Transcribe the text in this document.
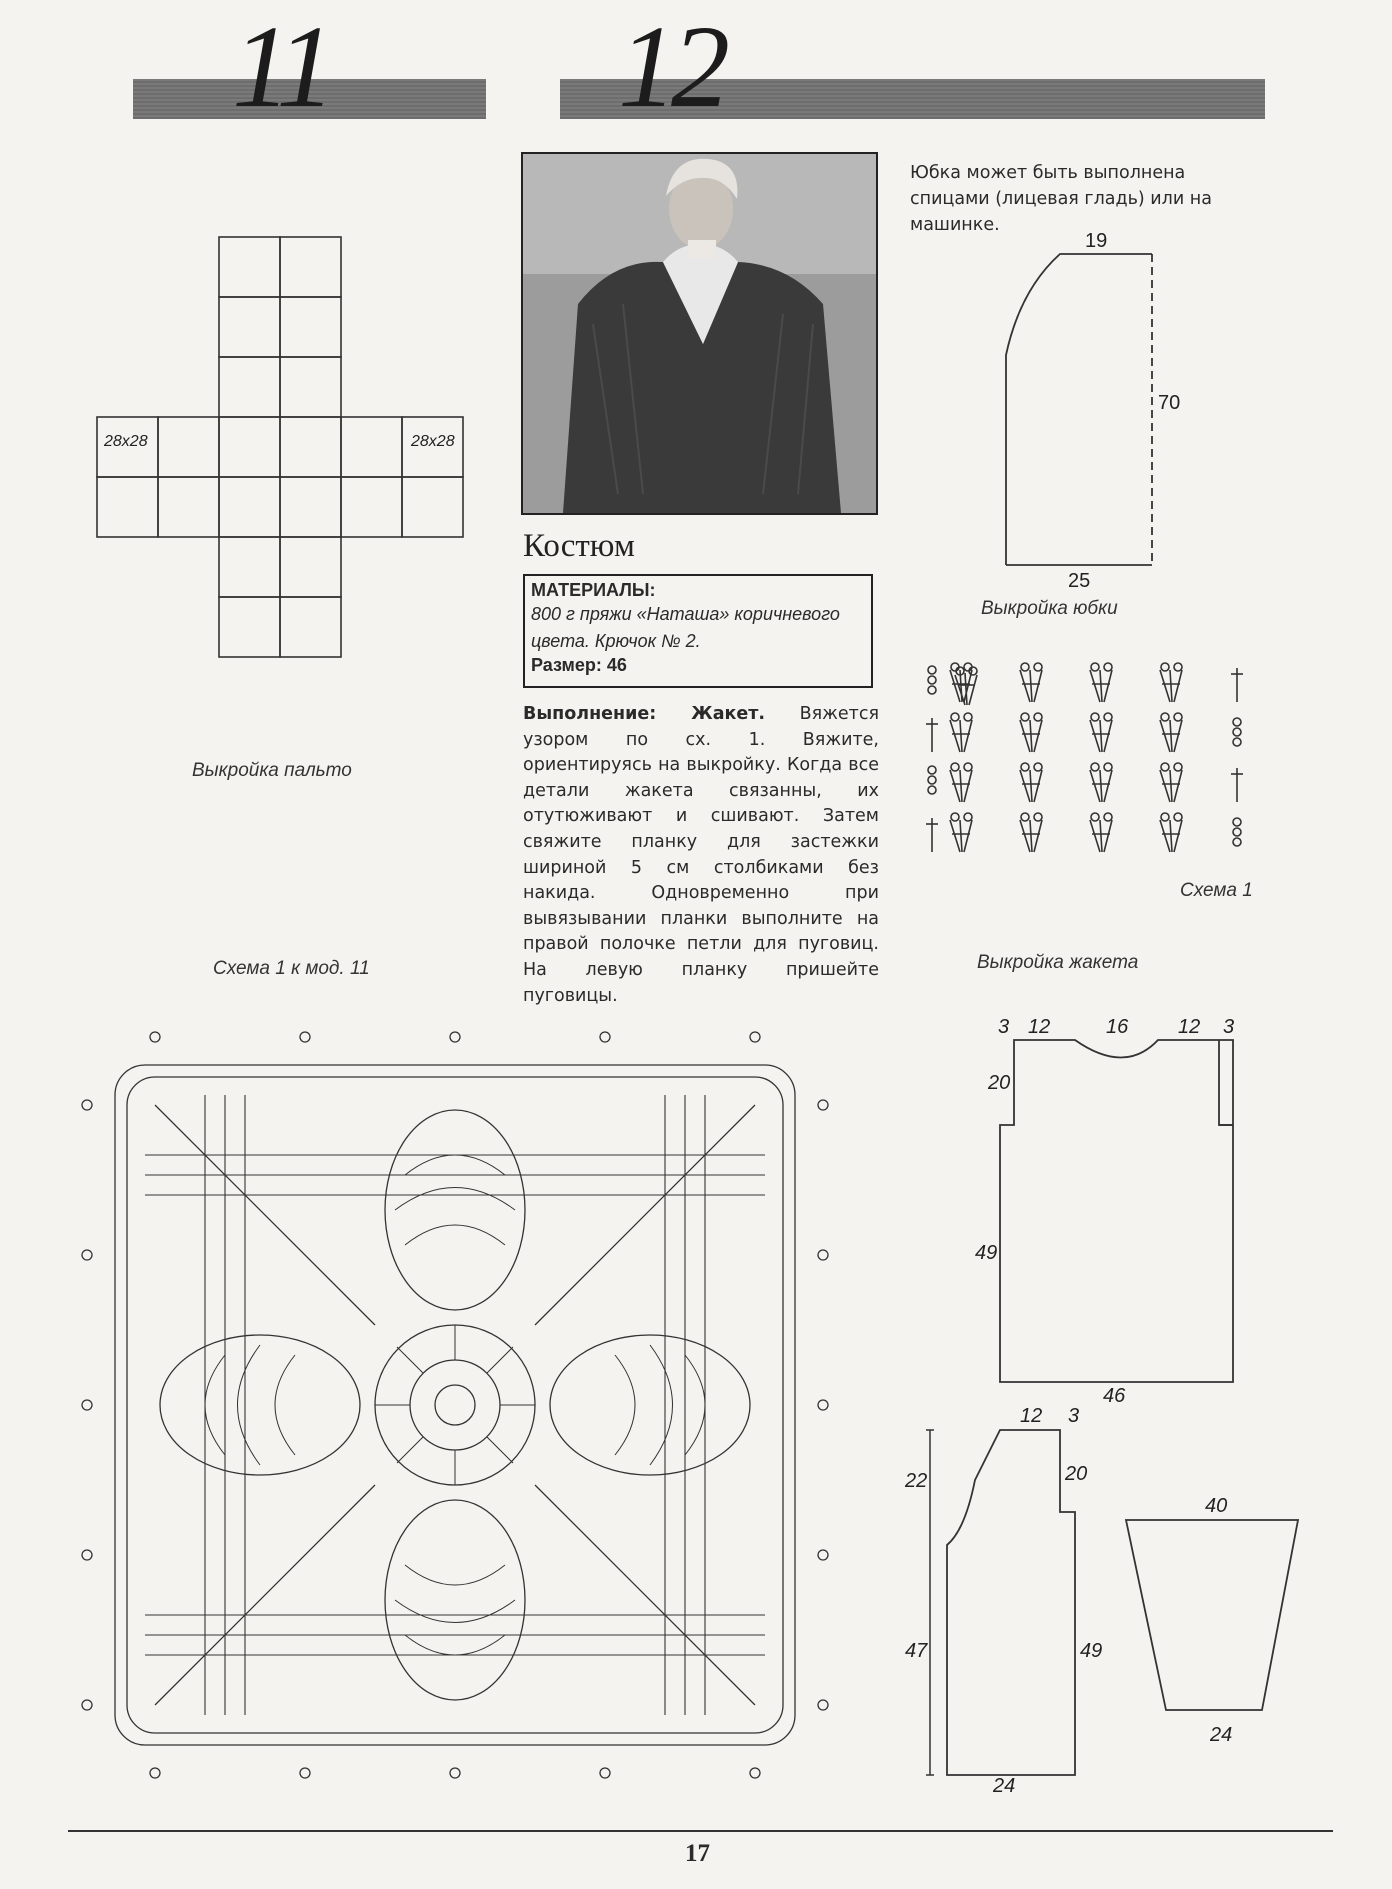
11 12
28x28	28x28
Выкройка пальто
Схема 1 к мод. 11
Костюм
МАТЕРИАЛЫ:
800 г пряжи «Наташа» коричневого цвета. Крючок № 2.
Размер: 46
Выполнение: Жакет. Вяжется узором по сх. 1. Вяжите, ориентируясь на выкройку. Когда все детали жакета связанны, их отутюживают и сшивают. Затем свяжите планку для застежки шириной 5 см столбиками без накида. Одновременно при вывязывании планки выполните на правой полочке петли для пуговиц. На левую планку пришейте пуговицы.
Юбка может быть выполнена спицами (лицевая гладь) или на машинке.
19
70
25
Выкройка юбки
Схема 1
Выкройка жакета
3 12	16 12 3
20
49
46
12 3
22	20
47	49
24
40
24
17
